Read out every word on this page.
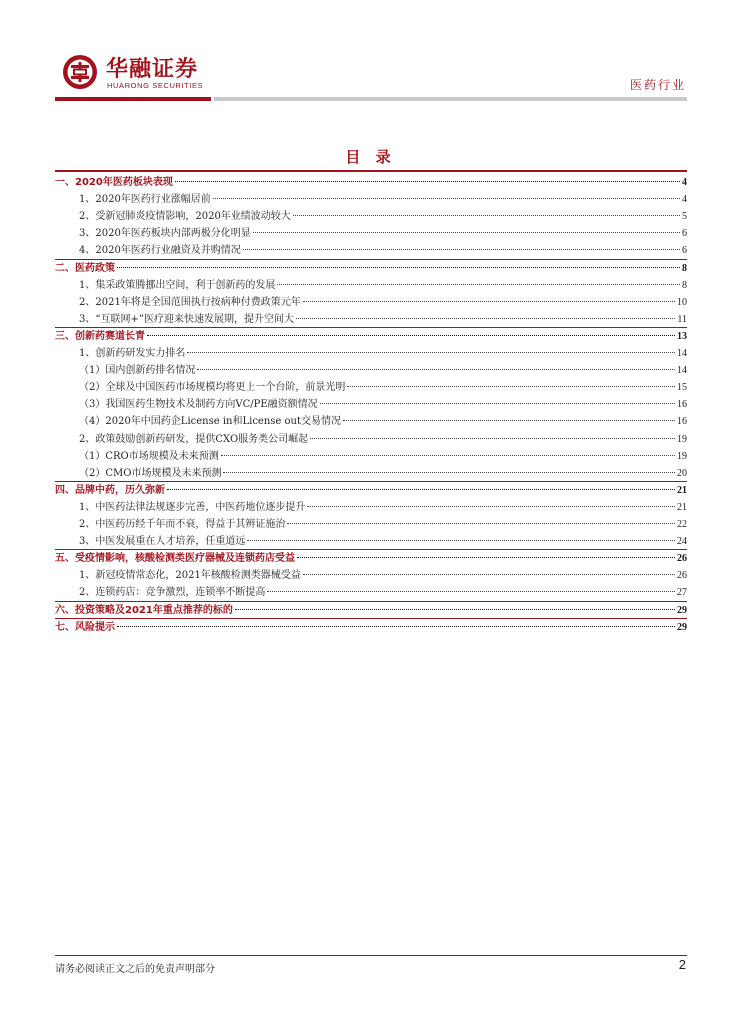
华融证券
HUARONG SECURITIES	医药行业
目 录
一、2020年医药板块表现	4
1、2020年医药行业涨幅居前	4
2、受新冠肺炎疫情影响，2020年业绩波动较大	5
3、2020年医药板块内部两极分化明显	6
4、2020年医药行业融资及并购情况	6
二、医药政策	8
1、集采政策腾挪出空间，利于创新药的发展	8
2、2021年将是全国范围执行按病种付费政策元年	10
3、“互联网+”医疗迎来快速发展期，提升空间大	11
三、创新药赛道长青	13
1、创新药研发实力排名	14
（1）国内创新药排名情况	14
（2）全球及中国医药市场规模均将更上一个台阶，前景光明	15
（3）我国医药生物技术及制药方向VC/PE融资额情况	16
（4）2020年中国药企License in和License out交易情况	16
2、政策鼓励创新药研发，提供CXO服务类公司崛起	19
（1）CRO市场规模及未来预测	19
（2）CMO市场规模及未来预测	20
四、品牌中药，历久弥新	21
1、中医药法律法规逐步完善，中医药地位逐步提升	21
2、中医药历经千年而不衰，得益于其辨证施治	22
3、中医发展重在人才培养，任重道远	24
五、受疫情影响，核酸检测类医疗器械及连锁药店受益	26
1、新冠疫情常态化，2021年核酸检测类器械受益	26
2、连锁药店：竞争激烈，连锁率不断提高	27
六、投资策略及2021年重点推荐的标的	29
七、风险提示	29
请务必阅读正文之后的免责声明部分	2
